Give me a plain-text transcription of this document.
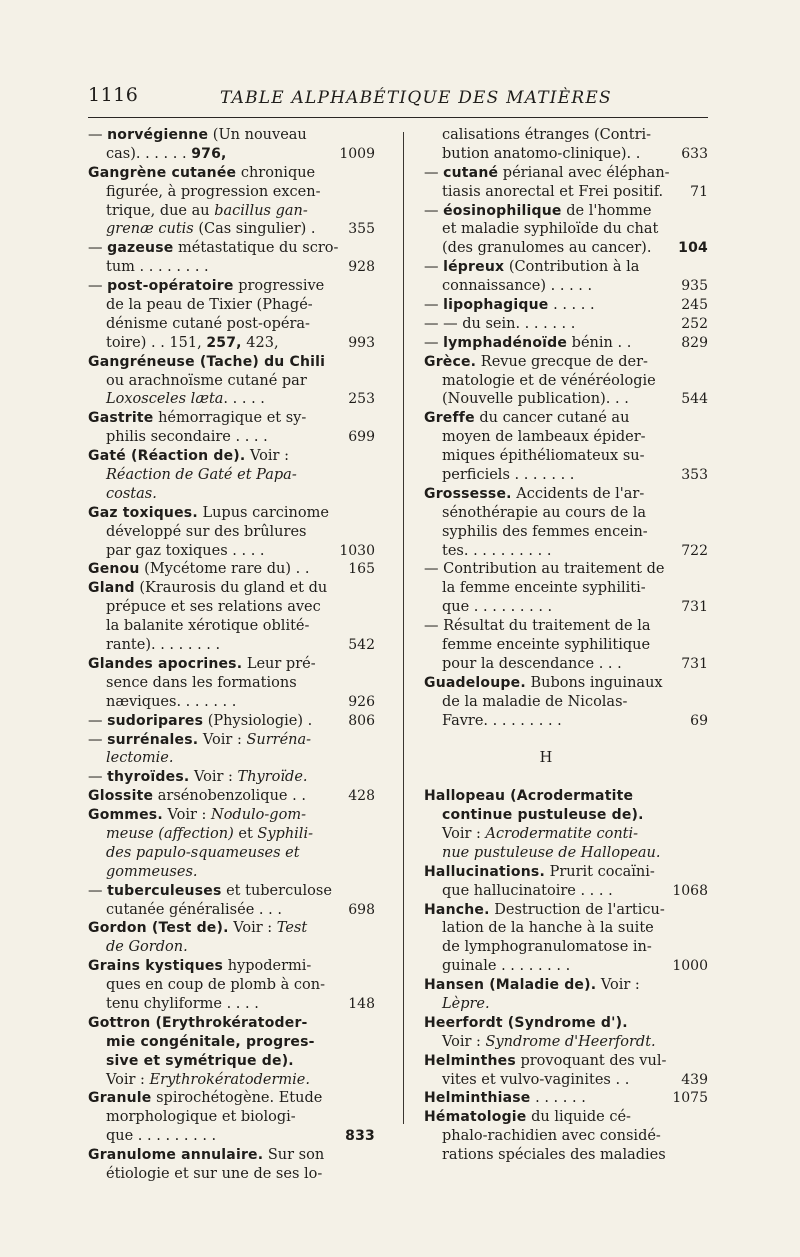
1116	TABLE ALPHABÉTIQUE DES MATIÈRES
— norvégienne (Un nouveau
cas). . . . . . 976,
Gangrène cutanée chronique
figurée, à progression excen-
trique, due au bacillus gan-
grenæ cutis (Cas singulier) .
— gazeuse métastatique du scro-
tum . . . . . . . .
— post-opératoire progressive
de la peau de Tixier (Phagé-
dénisme cutané post-opéra-
toire) . . 151, 257, 423,
Gangréneuse (Tache) du Chili
ou arachnoïsme cutané par
Loxosceles læta. . . . .
Gastrite hémorragique et sy-
philis secondaire . . . .
Gaté (Réaction de). Voir :
Réaction de Gaté et Papa-
costas.
Gaz toxiques. Lupus carcinome
développé sur des brûlures
par gaz toxiques . . . .
Genou (Mycétome rare du) . .
Gland (Kraurosis du gland et du
prépuce et ses relations avec
la balanite xérotique oblité-
rante). . . . . . . .
Glandes apocrines. Leur pré-
sence dans les formations
næviques. . . . . . .
— sudoripares (Physiologie) .
— surrénales. Voir : Surréna-
lectomie.
— thyroïdes. Voir : Thyroïde.
Glossite arsénobenzolique . .
Gommes. Voir : Nodulo-gom-
meuse (affection) et Syphili-
des papulo-squameuses et
gommeuses.
— tuberculeuses et tuberculose
cutanée généralisée . . .
Gordon (Test de). Voir : Test
de Gordon.
Grains kystiques hypodermi-
ques en coup de plomb à con-
tenu chyliforme . . . .
Gottron (Erythrokératoder-
mie congénitale, progres-
sive et symétrique de).
Voir : Erythrokératodermie.
Granule spirochétogène. Etude
morphologique et biologi-
que . . . . . . . . .
Granulome annulaire. Sur son
étiologie et sur une de ses lo-
1009
355
928
993
253
699
1030
165
542
926
806
428
698
148
833
calisations étranges (Contri-
bution anatomo-clinique). .
— cutané périanal avec éléphan-
tiasis anorectal et Frei positif.
— éosinophilique de l'homme
et maladie syphiloïde du chat
(des granulomes au cancer).
— lépreux (Contribution à la
connaissance) . . . . .
— lipophagique . . . . .
— — du sein. . . . . . .
— lymphadénoïde bénin . .
Grèce. Revue grecque de der-
matologie et de vénéréologie
(Nouvelle publication). . .
Greffe du cancer cutané au
moyen de lambeaux épider-
miques épithéliomateux su-
perficiels . . . . . . .
Grossesse. Accidents de l'ar-
sénothérapie au cours de la
syphilis des femmes encein-
tes. . . . . . . . . .
— Contribution au traitement de
la femme enceinte syphiliti-
que . . . . . . . . .
— Résultat du traitement de la
femme enceinte syphilitique
pour la descendance . . .
Guadeloupe. Bubons inguinaux
de la maladie de Nicolas-
Favre. . . . . . . . .
H
Hallopeau (Acrodermatite
continue pustuleuse de).
Voir : Acrodermatite conti-
nue pustuleuse de Hallopeau.
Hallucinations. Prurit cocaïni-
que hallucinatoire . . . .
Hanche. Destruction de l'articu-
lation de la hanche à la suite
de lymphogranulomatose in-
guinale . . . . . . . .
Hansen (Maladie de). Voir :
Lèpre.
Heerfordt (Syndrome d').
Voir : Syndrome d'Heerfordt.
Helminthes provoquant des vul-
vites et vulvo-vaginites . .
Helminthiase . . . . . .
Hématologie du liquide cé-
phalo-rachidien avec considé-
rations spéciales des maladies
633
71
104
935
245
252
829
544
353
722
731
731
69
1068
1000
439
1075
